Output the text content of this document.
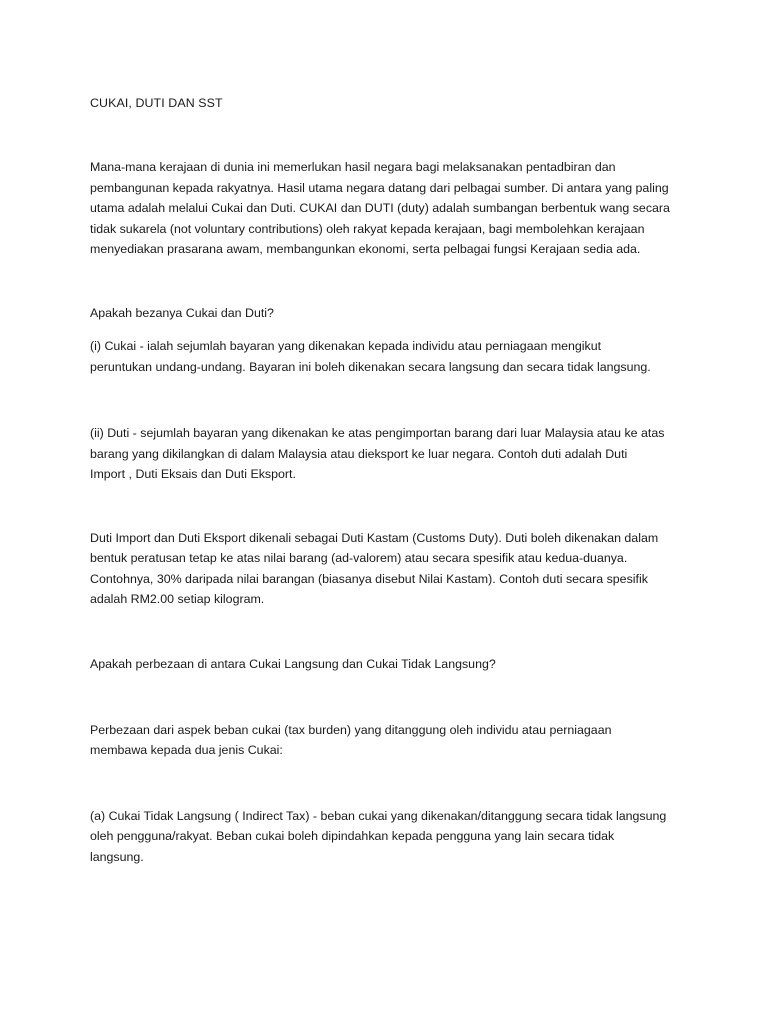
CUKAI, DUTI DAN SST

Mana-mana kerajaan di dunia ini memerlukan hasil negara bagi melaksanakan pentadbiran dan

pembangunan kepada rakyatnya. Hasil utama negara datang dari pelbagai sumber. Di antara yang paling

utama adalah melalui Cukai dan Duti. CUKAI dan DUTI (duty) adalah sumbangan berbentuk wang secara

tidak sukarela (not voluntary contributions) oleh rakyat kepada kerajaan, bagi membolehkan kerajaan

menyediakan prasarana awam, membangunkan ekonomi, serta pelbagai fungsi Kerajaan sedia ada.

Apakah bezanya Cukai dan Duti?

(i) Cukai - ialah sejumlah bayaran yang dikenakan kepada individu atau perniagaan mengikut

peruntukan undang-undang. Bayaran ini boleh dikenakan secara langsung dan secara tidak langsung.

(ii) Duti - sejumlah bayaran yang dikenakan ke atas pengimportan barang dari luar Malaysia atau ke atas

barang yang dikilangkan di dalam Malaysia atau dieksport ke luar negara. Contoh duti adalah Duti

Import , Duti Eksais dan Duti Eksport.

Duti Import dan Duti Eksport dikenali sebagai Duti Kastam (Customs Duty). Duti boleh dikenakan dalam

bentuk peratusan tetap ke atas nilai barang (ad-valorem) atau secara spesifik atau kedua-duanya.

Contohnya, 30% daripada nilai barangan (biasanya disebut Nilai Kastam). Contoh duti secara spesifik

adalah RM2.00 setiap kilogram.

Apakah perbezaan di antara Cukai Langsung dan Cukai Tidak Langsung?

Perbezaan dari aspek beban cukai (tax burden) yang ditanggung oleh individu atau perniagaan

membawa kepada dua jenis Cukai:

(a) Cukai Tidak Langsung ( Indirect Tax) - beban cukai yang dikenakan/ditanggung secara tidak langsung

oleh pengguna/rakyat. Beban cukai boleh dipindahkan kepada pengguna yang lain secara tidak

langsung.
